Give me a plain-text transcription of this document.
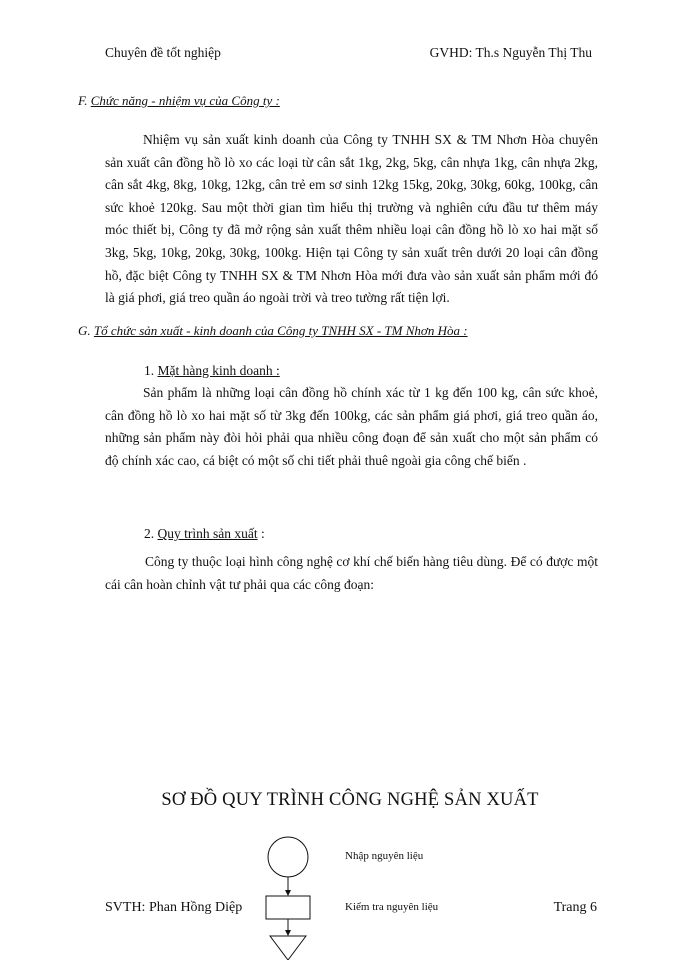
Chuyên đề tốt nghiệp	GVHD: Th.s Nguyễn Thị Thu
F. Chức năng - nhiệm vụ của Công ty :

Nhiệm vụ sản xuất kinh doanh của Công ty TNHH SX & TM Nhơn Hòa chuyên sản xuất cân đồng hồ lò xo các loại từ cân sắt 1kg, 2kg, 5kg, cân nhựa 1kg, cân nhựa 2kg, cân sắt 4kg, 8kg, 10kg, 12kg, cân trẻ em sơ sinh 12kg 15kg, 20kg, 30kg, 60kg, 100kg, cân sức khoẻ 120kg. Sau một thời gian tìm hiểu thị trường và nghiên cứu đầu tư thêm máy móc thiết bị, Công ty đã mở rộng sản xuất thêm nhiều loại cân đồng hồ lò xo hai mặt số 3kg, 5kg, 10kg, 20kg, 30kg, 100kg. Hiện tại Công ty sản xuất trên dưới 20 loại cân đồng hồ, đặc biệt Công ty TNHH SX & TM Nhơn Hòa mới đưa vào sản xuất sản phẩm mới đó là giá phơi, giá treo quần áo ngoài trời và treo tường rất tiện lợi.

G. Tổ chức sản xuất - kinh doanh của Công ty TNHH SX - TM Nhơn Hòa :
1. Mặt hàng kinh doanh :

Sản phẩm là những loại cân đồng hồ chính xác từ 1 kg đến 100 kg, cân sức khoẻ, cân đồng hồ lò xo hai mặt số từ 3kg đến 100kg, các sản phẩm giá phơi, giá treo quần áo, những sản phẩm này đòi hỏi phải qua nhiều công đoạn để sản xuất cho một sản phẩm có độ chính xác cao, cá biệt có một số chi tiết phải thuê ngoài gia công chế biến .

2. Quy trình sản xuất :

Công ty thuộc loại hình công nghệ cơ khí chế biến hàng tiêu dùng. Để có được một cái cân hoàn chỉnh vật tư phải qua các công đoạn:

SƠ ĐỒ QUY TRÌNH CÔNG NGHỆ SẢN XUẤT
Nhập nguyên liệu
Kiểm tra nguyên liệu
SVTH: Phan Hồng Diệp	Trang 6
